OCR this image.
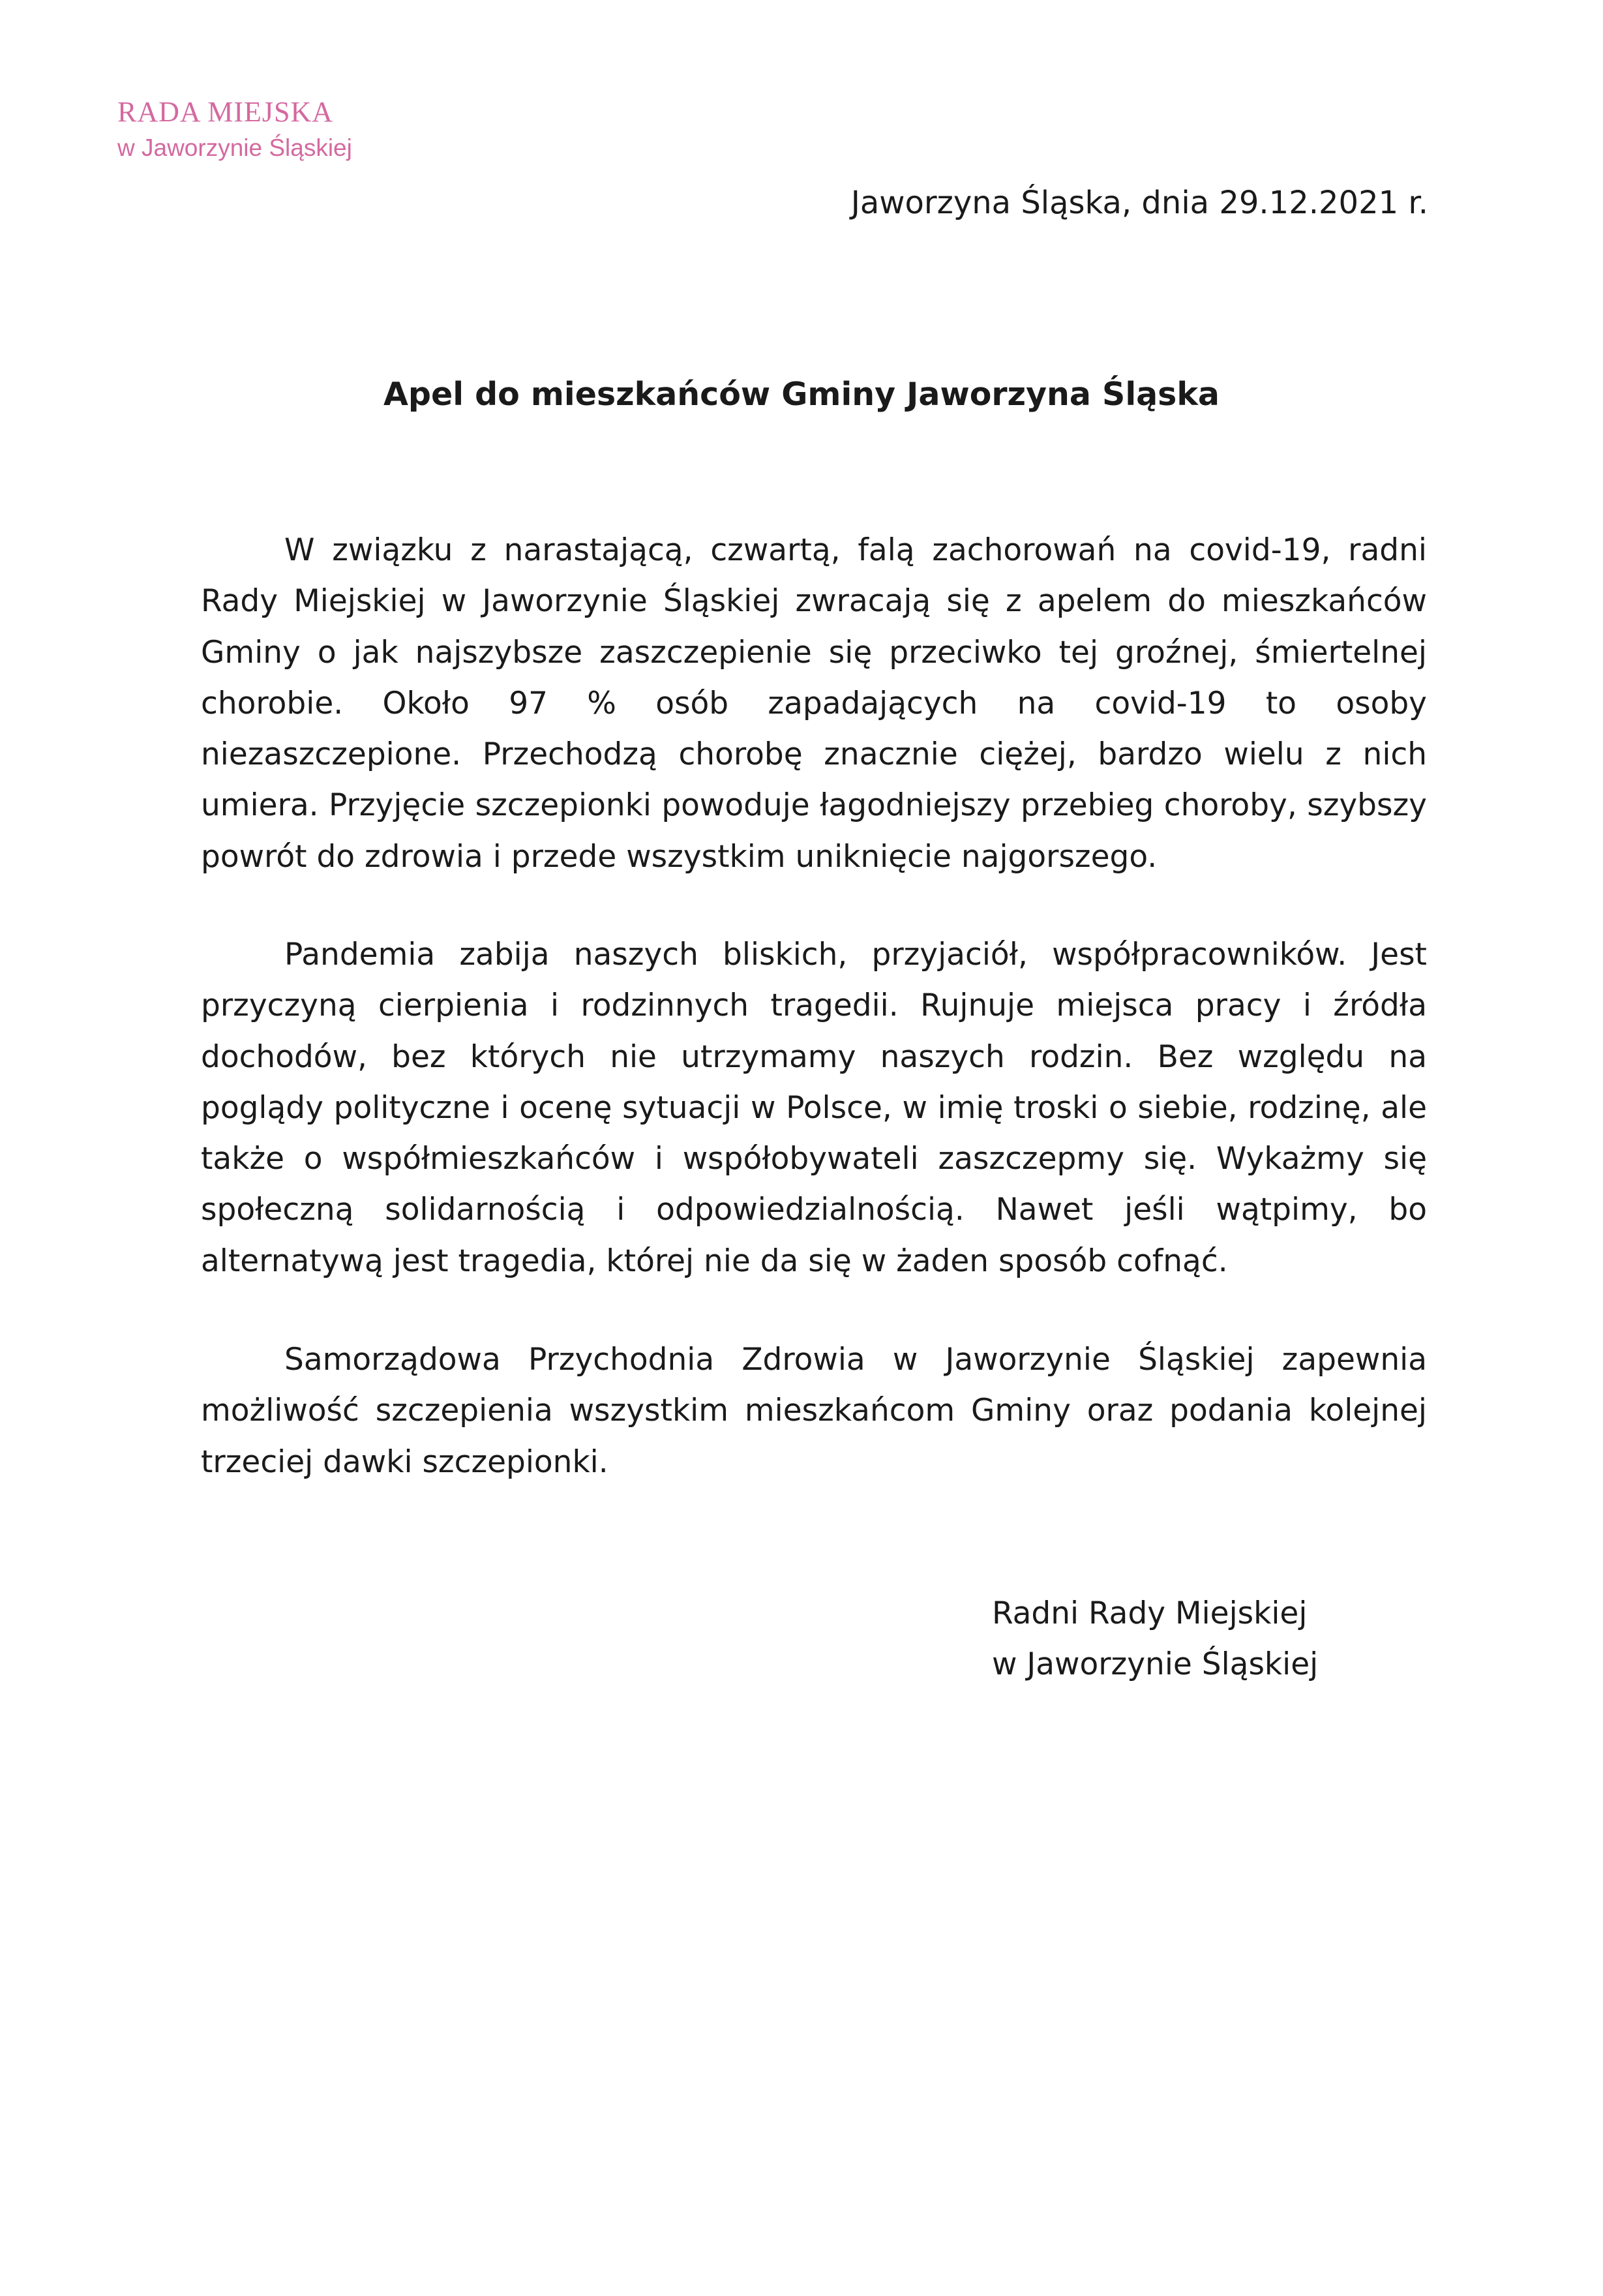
RADA MIEJSKA
w Jaworzynie Śląskiej
Jaworzyna Śląska, dnia 29.12.2021 r.
Apel do mieszkańców Gminy Jaworzyna Śląska

W związku z narastającą, czwartą, falą zachorowań na covid-19, radni Rady Miejskiej w Jaworzynie Śląskiej zwracają się z apelem do mieszkańców Gminy o jak najszybsze zaszczepienie się przeciwko tej groźnej, śmiertelnej chorobie. Około 97 % osób zapadających na covid-19 to osoby niezaszczepione. Przechodzą chorobę znacznie ciężej, bardzo wielu z nich umiera. Przyjęcie szczepionki powoduje łagodniejszy przebieg choroby, szybszy powrót do zdrowia i przede wszystkim uniknięcie najgorszego.

Pandemia zabija naszych bliskich, przyjaciół, współpracowników. Jest przyczyną cierpienia i rodzinnych tragedii. Rujnuje miejsca pracy i źródła dochodów, bez których nie utrzymamy naszych rodzin. Bez względu na poglądy polityczne i ocenę sytuacji w Polsce, w imię troski o siebie, rodzinę, ale także o współmieszkańców i współobywateli zaszczepmy się. Wykażmy się społeczną solidarnością i odpowiedzialnością. Nawet jeśli wątpimy, bo alternatywą jest tragedia, której nie da się w żaden sposób cofnąć.

Samorządowa Przychodnia Zdrowia w Jaworzynie Śląskiej zapewnia możliwość szczepienia wszystkim mieszkańcom Gminy oraz podania kolejnej trzeciej dawki szczepionki.

Radni Rady Miejskiej
w Jaworzynie Śląskiej
